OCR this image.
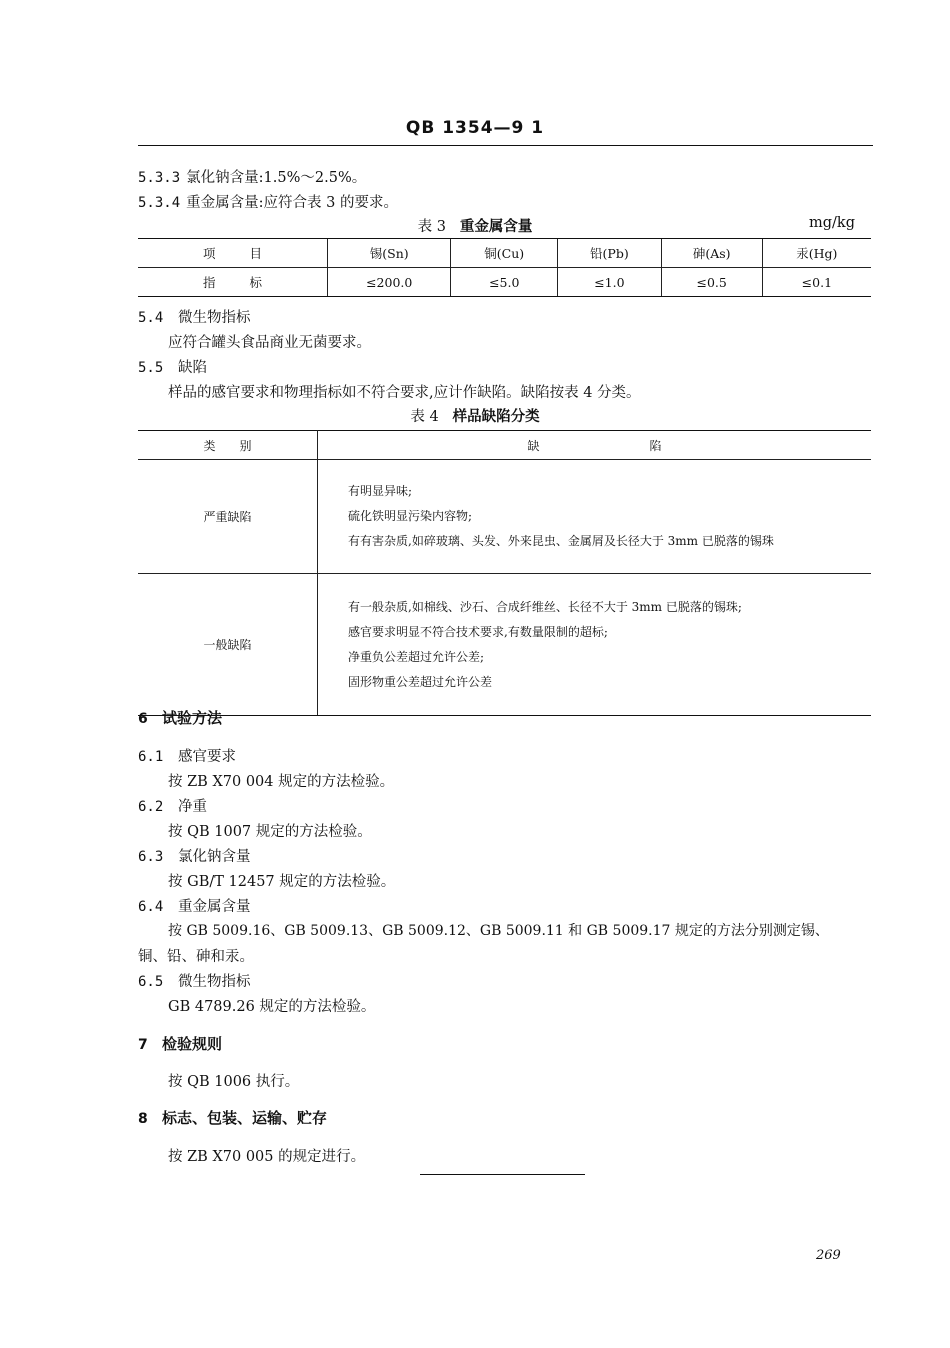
QB 1354—9 1
5.3.3 氯化钠含量:1.5%～2.5%。
5.3.4 重金属含量:应符合表 3 的要求。
表 3 重金属含量	mg/kg
项目	锡(Sn)	铜(Cu)	铅(Pb)	砷(As)	汞(Hg)
指标	≤200.0	≤5.0	≤1.0	≤0.5	≤0.1
5.4 微生物指标
应符合罐头食品商业无菌要求。
5.5 缺陷
样品的感官要求和物理指标如不符合要求,应计作缺陷。缺陷按表 4 分类。
表 4 样品缺陷分类
类别	缺陷
严重缺陷	有明显异味;
硫化铁明显污染内容物;
有有害杂质,如碎玻璃、头发、外来昆虫、金属屑及长径大于 3mm 已脱落的锡珠

一般缺陷	有一般杂质,如棉线、沙石、合成纤维丝、长径不大于 3mm 已脱落的锡珠;
感官要求明显不符合技术要求,有数量限制的超标;
净重负公差超过允许公差;
固形物重公差超过允许公差
6 试验方法
6.1 感官要求
按 ZB X70 004 规定的方法检验。
6.2 净重
按 QB 1007 规定的方法检验。
6.3 氯化钠含量
按 GB/T 12457 规定的方法检验。
6.4 重金属含量
按 GB 5009.16、GB 5009.13、GB 5009.12、GB 5009.11 和 GB 5009.17 规定的方法分别测定锡、
铜、铅、砷和汞。
6.5 微生物指标
GB 4789.26 规定的方法检验。
7 检验规则
按 QB 1006 执行。
8 标志、包装、运输、贮存
按 ZB X70 005 的规定进行。
269
